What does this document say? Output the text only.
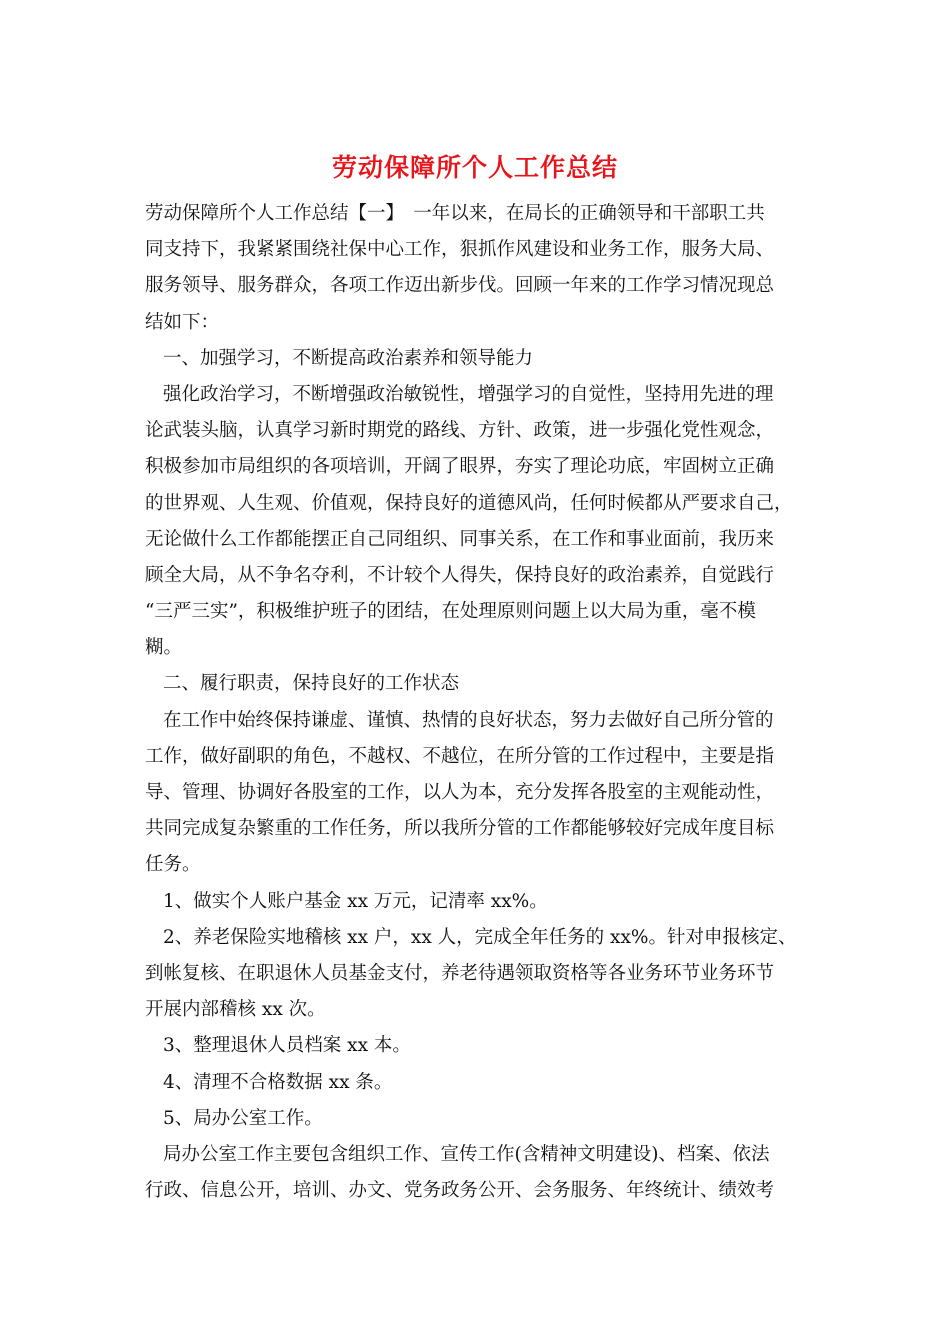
劳动保障所个人工作总结
劳动保障所个人工作总结【一】　一年以来，在局长的正确领导和干部职工共
同支持下，我紧紧围绕社保中心工作，狠抓作风建设和业务工作，服务大局、
服务领导、服务群众，各项工作迈出新步伐。回顾一年来的工作学习情况现总
结如下：
一、加强学习，不断提高政治素养和领导能力
强化政治学习，不断增强政治敏锐性，增强学习的自觉性，坚持用先进的理
论武装头脑，认真学习新时期党的路线、方针、政策，进一步强化党性观念，
积极参加市局组织的各项培训，开阔了眼界，夯实了理论功底，牢固树立正确
的世界观、人生观、价值观，保持良好的道德风尚，任何时候都从严要求自己，
无论做什么工作都能摆正自己同组织、同事关系，在工作和事业面前，我历来
顾全大局，从不争名夺利，不计较个人得失，保持良好的政治素养，自觉践行
“三严三实”，积极维护班子的团结，在处理原则问题上以大局为重，毫不模
糊。
二、履行职责，保持良好的工作状态
在工作中始终保持谦虚、谨慎、热情的良好状态，努力去做好自己所分管的
工作，做好副职的角色，不越权、不越位，在所分管的工作过程中，主要是指
导、管理、协调好各股室的工作，以人为本，充分发挥各股室的主观能动性，
共同完成复杂繁重的工作任务，所以我所分管的工作都能够较好完成年度目标
任务。
1、做实个人账户基金 xx 万元，记清率 xx%。
2、养老保险实地稽核 xx 户，xx 人，完成全年任务的 xx%。针对申报核定、
到帐复核、在职退休人员基金支付，养老待遇领取资格等各业务环节业务环节
开展内部稽核 xx 次。
3、整理退休人员档案 xx 本。
4、清理不合格数据 xx 条。
5、局办公室工作。
局办公室工作主要包含组织工作、宣传工作(含精神文明建设)、档案、依法
行政、信息公开，培训、办文、党务政务公开、会务服务、年终统计、绩效考
